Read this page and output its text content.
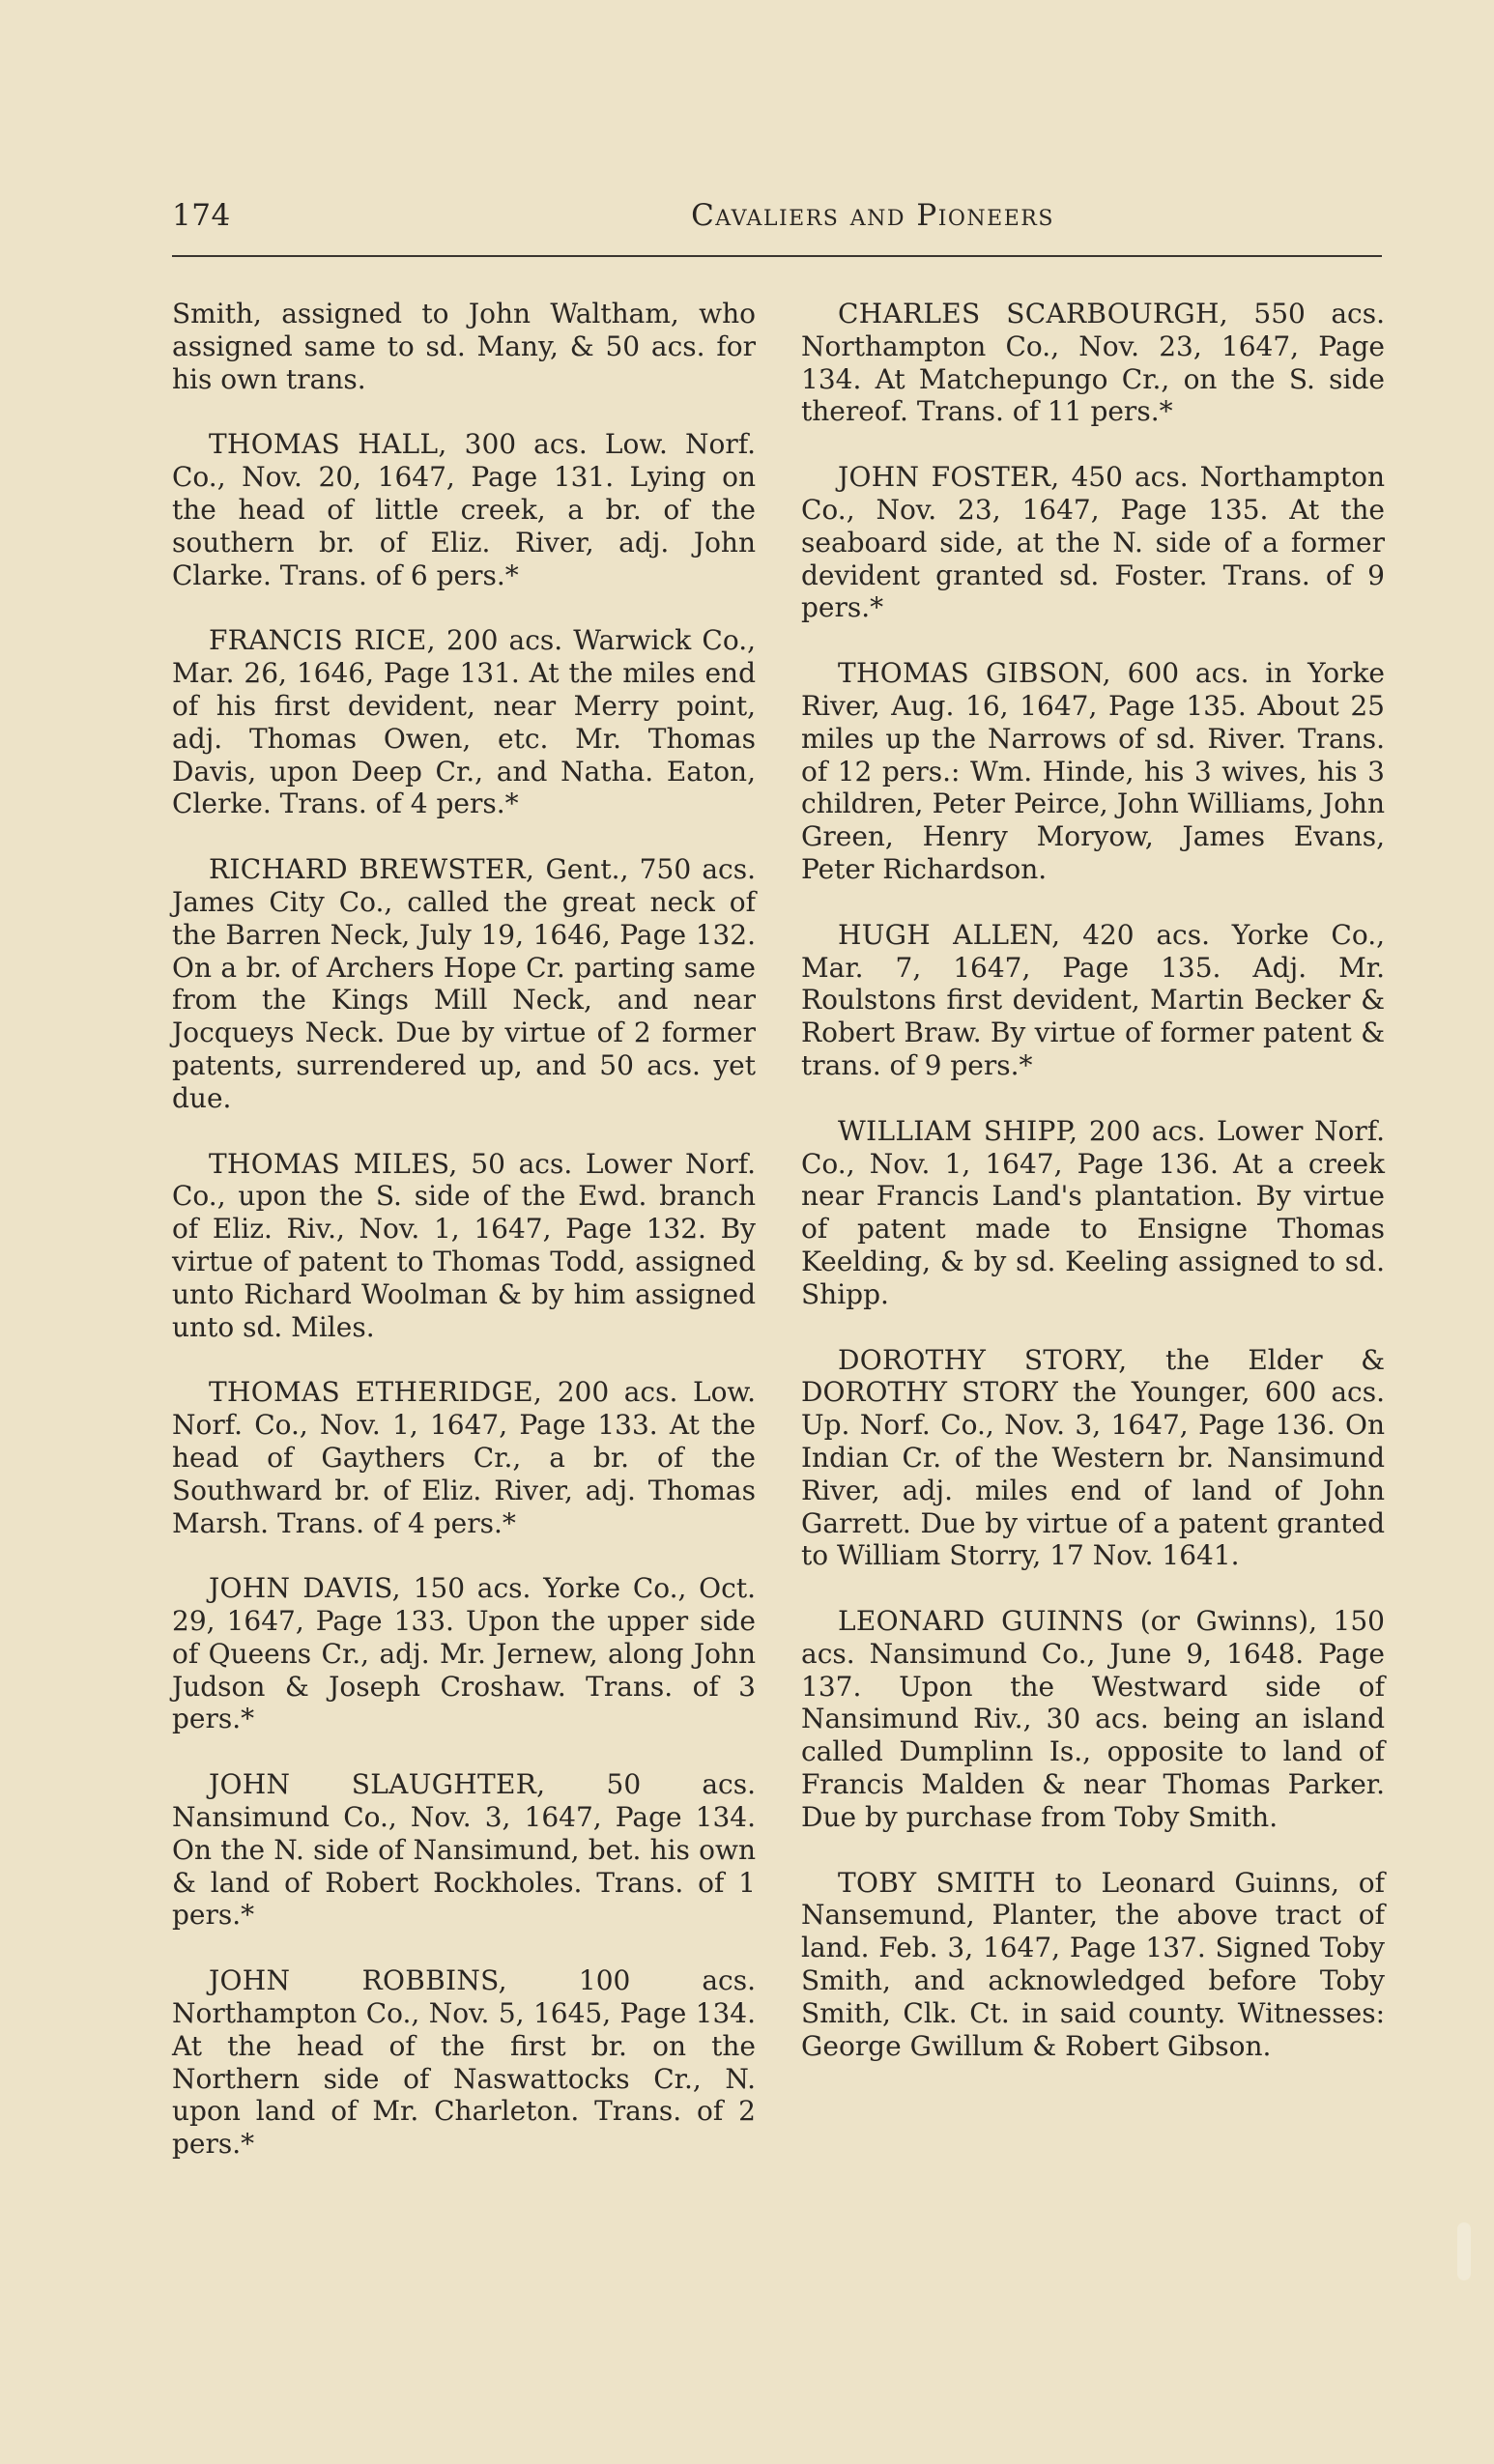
174	Cavaliers and Pioneers

Smith, assigned to John Waltham, who assigned same to sd. Many, & 50 acs. for his own trans.

THOMAS HALL, 300 acs. Low. Norf. Co., Nov. 20, 1647, Page 131. Lying on the head of little creek, a br. of the southern br. of Eliz. River, adj. John Clarke. Trans. of 6 pers.*

FRANCIS RICE, 200 acs. Warwick Co., Mar. 26, 1646, Page 131. At the miles end of his first devident, near Merry point, adj. Thomas Owen, etc. Mr. Thomas Davis, upon Deep Cr., and Natha. Eaton, Clerke. Trans. of 4 pers.*

RICHARD BREWSTER, Gent., 750 acs. James City Co., called the great neck of the Barren Neck, July 19, 1646, Page 132. On a br. of Archers Hope Cr. parting same from the Kings Mill Neck, and near Jocqueys Neck. Due by virtue of 2 former patents, surrendered up, and 50 acs. yet due.

THOMAS MILES, 50 acs. Lower Norf. Co., upon the S. side of the Ewd. branch of Eliz. Riv., Nov. 1, 1647, Page 132. By virtue of patent to Thomas Todd, assigned unto Richard Woolman & by him assigned unto sd. Miles.

THOMAS ETHERIDGE, 200 acs. Low. Norf. Co., Nov. 1, 1647, Page 133. At the head of Gaythers Cr., a br. of the Southward br. of Eliz. River, adj. Thomas Marsh. Trans. of 4 pers.*

JOHN DAVIS, 150 acs. Yorke Co., Oct. 29, 1647, Page 133. Upon the upper side of Queens Cr., adj. Mr. Jernew, along John Judson & Joseph Croshaw. Trans. of 3 pers.*

JOHN SLAUGHTER, 50 acs. Nansimund Co., Nov. 3, 1647, Page 134. On the N. side of Nansimund, bet. his own & land of Robert Rockholes. Trans. of 1 pers.*

JOHN ROBBINS, 100 acs. Northampton Co., Nov. 5, 1645, Page 134. At the head of the first br. on the Northern side of Naswattocks Cr., N. upon land of Mr. Charleton. Trans. of 2 pers.*

CHARLES SCARBOURGH, 550 acs. Northampton Co., Nov. 23, 1647, Page 134. At Matchepungo Cr., on the S. side thereof. Trans. of 11 pers.*

JOHN FOSTER, 450 acs. Northampton Co., Nov. 23, 1647, Page 135. At the seaboard side, at the N. side of a former devident granted sd. Foster. Trans. of 9 pers.*

THOMAS GIBSON, 600 acs. in Yorke River, Aug. 16, 1647, Page 135. About 25 miles up the Narrows of sd. River. Trans. of 12 pers.: Wm. Hinde, his 3 wives, his 3 children, Peter Peirce, John Williams, John Green, Henry Moryow, James Evans, Peter Richardson.

HUGH ALLEN, 420 acs. Yorke Co., Mar. 7, 1647, Page 135. Adj. Mr. Roulstons first devident, Martin Becker & Robert Braw. By virtue of former patent & trans. of 9 pers.*

WILLIAM SHIPP, 200 acs. Lower Norf. Co., Nov. 1, 1647, Page 136. At a creek near Francis Land's plantation. By virtue of patent made to Ensigne Thomas Keelding, & by sd. Keeling assigned to sd. Shipp.

DOROTHY STORY, the Elder & DOROTHY STORY the Younger, 600 acs. Up. Norf. Co., Nov. 3, 1647, Page 136. On Indian Cr. of the Western br. Nansimund River, adj. miles end of land of John Garrett. Due by virtue of a patent granted to William Storry, 17 Nov. 1641.

LEONARD GUINNS (or Gwinns), 150 acs. Nansimund Co., June 9, 1648. Page 137. Upon the Westward side of Nansimund Riv., 30 acs. being an island called Dumplinn Is., opposite to land of Francis Malden & near Thomas Parker. Due by purchase from Toby Smith.

TOBY SMITH to Leonard Guinns, of Nansemund, Planter, the above tract of land. Feb. 3, 1647, Page 137. Signed Toby Smith, and acknowledged before Toby Smith, Clk. Ct. in said county. Witnesses: George Gwillum & Robert Gibson.
